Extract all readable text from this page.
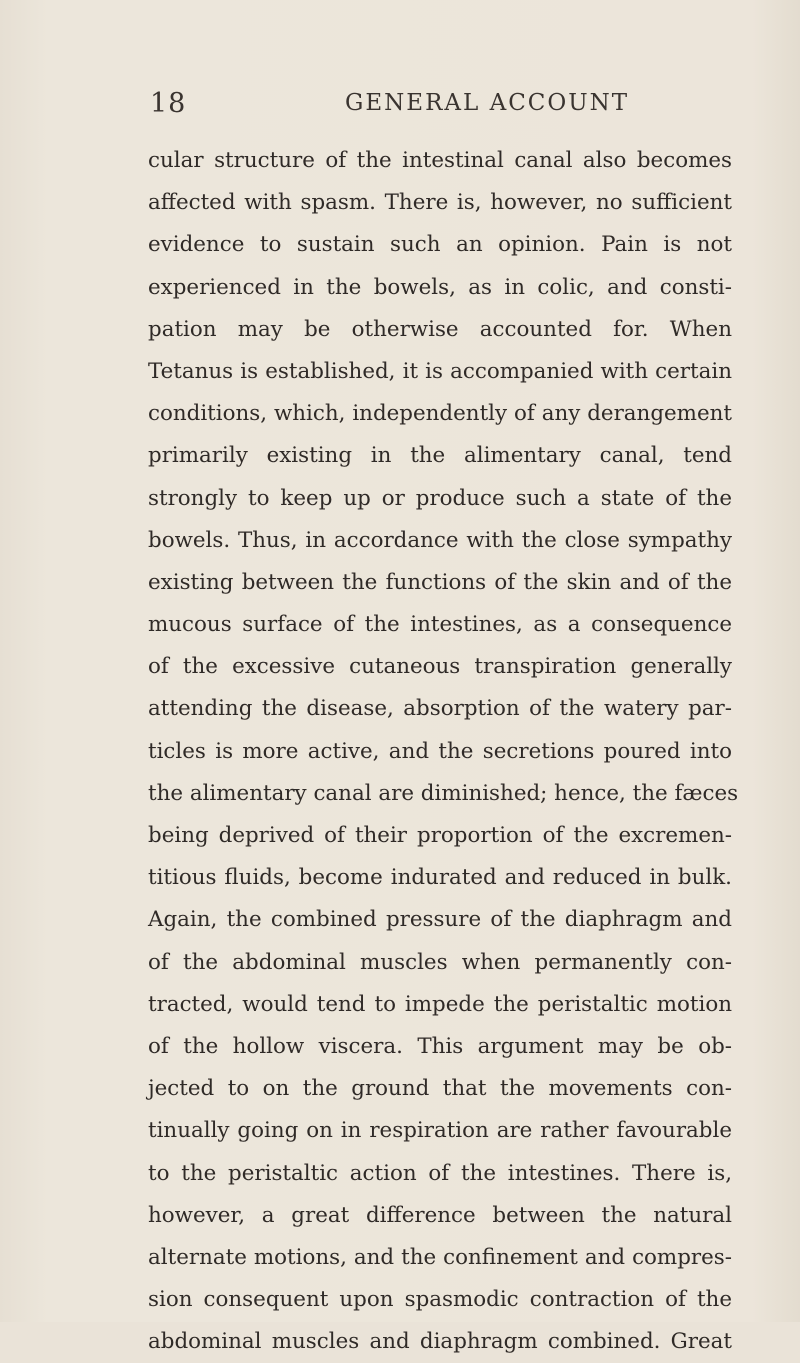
18	GENERAL ACCOUNT
cular structure of the intestinal canal also becomes
affected with spasm. There is, however, no sufficient
evidence to sustain such an opinion. Pain is not
experienced in the bowels, as in colic, and consti-
pation may be otherwise accounted for. When
Tetanus is established, it is accompanied with certain
conditions, which, independently of any derangement
primarily existing in the alimentary canal, tend
strongly to keep up or produce such a state of the
bowels. Thus, in accordance with the close sympathy
existing between the functions of the skin and of the
mucous surface of the intestines, as a consequence
of the excessive cutaneous transpiration generally
attending the disease, absorption of the watery par-
ticles is more active, and the secretions poured into
the alimentary canal are diminished; hence, the fæces
being deprived of their proportion of the excremen-
titious fluids, become indurated and reduced in bulk.
Again, the combined pressure of the diaphragm and
of the abdominal muscles when permanently con-
tracted, would tend to impede the peristaltic motion
of the hollow viscera. This argument may be ob-
jected to on the ground that the movements con-
tinually going on in respiration are rather favourable
to the peristaltic action of the intestines. There is,
however, a great difference between the natural
alternate motions, and the confinement and compres-
sion consequent upon spasmodic contraction of the
abdominal muscles and diaphragm combined. Great
